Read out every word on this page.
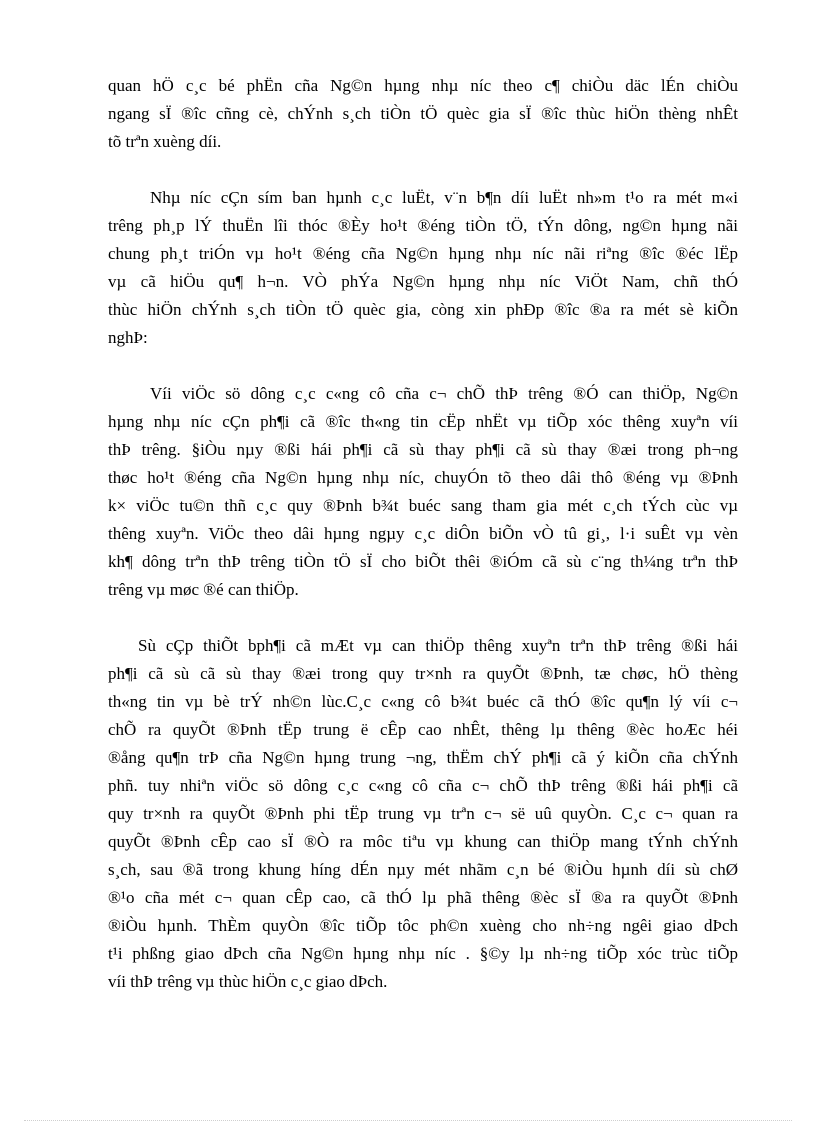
quan hÖ c¸c bé phËn cña Ng©n hµng nhµ níc theo c¶ chiÒu däc lÉn chiÒu
ngang sÏ ®îc cñng cè, chÝnh s¸ch tiÒn tÖ quèc gia sÏ ®îc thùc hiÖn thèng nhÊt
tõ trªn xuèng díi.

Nhµ níc cÇn sím ban hµnh c¸c luËt, v¨n b¶n díi luËt nh»m t¹o ra mét m«i
trêng ph¸p lÝ thuËn lîi thóc ®Èy ho¹t ®éng tiÒn tÖ, tÝn dông, ng©n hµng nãi
chung ph¸t triÓn vµ ho¹t ®éng cña Ng©n hµng nhµ níc nãi riªng ®îc ®éc lËp
vµ cã hiÖu qu¶ h¬n. VÒ phÝa Ng©n hµng nhµ níc ViÖt Nam, chñ thÓ
thùc hiÖn chÝnh s¸ch tiÒn tÖ quèc gia, còng xin phÐp ®îc ®a ra mét sè kiÕn
nghÞ:

Víi viÖc sö dông c¸c c«ng cô cña c¬ chÕ thÞ trêng ®Ó can thiÖp, Ng©n
hµng nhµ níc cÇn ph¶i cã ®îc th«ng tin cËp nhËt vµ tiÕp xóc thêng xuyªn víi
thÞ trêng. §iÒu nµy ®ßi hái ph¶i cã sù thay ph¶i cã sù thay ®æi trong ph¬ng
thøc ho¹t ®éng cña Ng©n hµng nhµ níc, chuyÓn tõ theo dâi thô ®éng vµ ®Þnh
k× viÖc tu©n thñ c¸c quy ®Þnh b¾t buéc sang tham gia mét c¸ch tÝch cùc vµ
thêng xuyªn. ViÖc theo dâi hµng ngµy c¸c diÔn biÕn vÒ tû gi¸, l·i suÊt vµ vèn
kh¶ dông trªn thÞ trêng tiÒn tÖ sÏ cho biÕt thêi ®iÓm cã sù c¨ng th¼ng trªn thÞ
trêng vµ møc ®é can thiÖp.

Sù cÇp thiÕt bph¶i cã mÆt vµ can thiÖp thêng xuyªn trªn thÞ trêng ®ßi hái
ph¶i cã sù cã sù thay ®æi trong quy tr×nh ra quyÕt ®Þnh, tæ chøc, hÖ thèng
th«ng tin vµ bè trÝ nh©n lùc.C¸c c«ng cô b¾t buéc cã thÓ ®îc qu¶n lý víi c¬
chÕ ra quyÕt ®Þnh tËp trung ë cÊp cao nhÊt, thêng lµ thêng ®èc hoÆc héi
®ång qu¶n trÞ cña Ng©n hµng trung ¬ng, thËm chÝ ph¶i cã ý kiÕn cña chÝnh
phñ. tuy nhiªn viÖc sö dông c¸c c«ng cô cña c¬ chÕ thÞ trêng ®ßi hái ph¶i cã
quy tr×nh ra quyÕt ®Þnh phi tËp trung vµ trªn c¬ së uû quyÒn. C¸c c¬ quan ra
quyÕt ®Þnh cÊp cao sÏ ®Ò ra môc tiªu vµ khung can thiÖp mang tÝnh chÝnh
s¸ch, sau ®ã trong khung híng dÉn nµy mét nhãm c¸n bé ®iÒu hµnh díi sù chØ
®¹o cña mét c¬ quan cÊp cao, cã thÓ lµ phã thêng ®èc sÏ ®a ra quyÕt ®Þnh
®iÒu hµnh. ThÈm quyÒn ®îc tiÕp tôc ph©n xuèng cho nh÷ng ngêi giao dÞch
t¹i phßng giao dÞch cña Ng©n hµng nhµ níc . §©y lµ nh÷ng tiÕp xóc trùc tiÕp
víi thÞ trêng vµ thùc hiÖn c¸c giao dÞch.
